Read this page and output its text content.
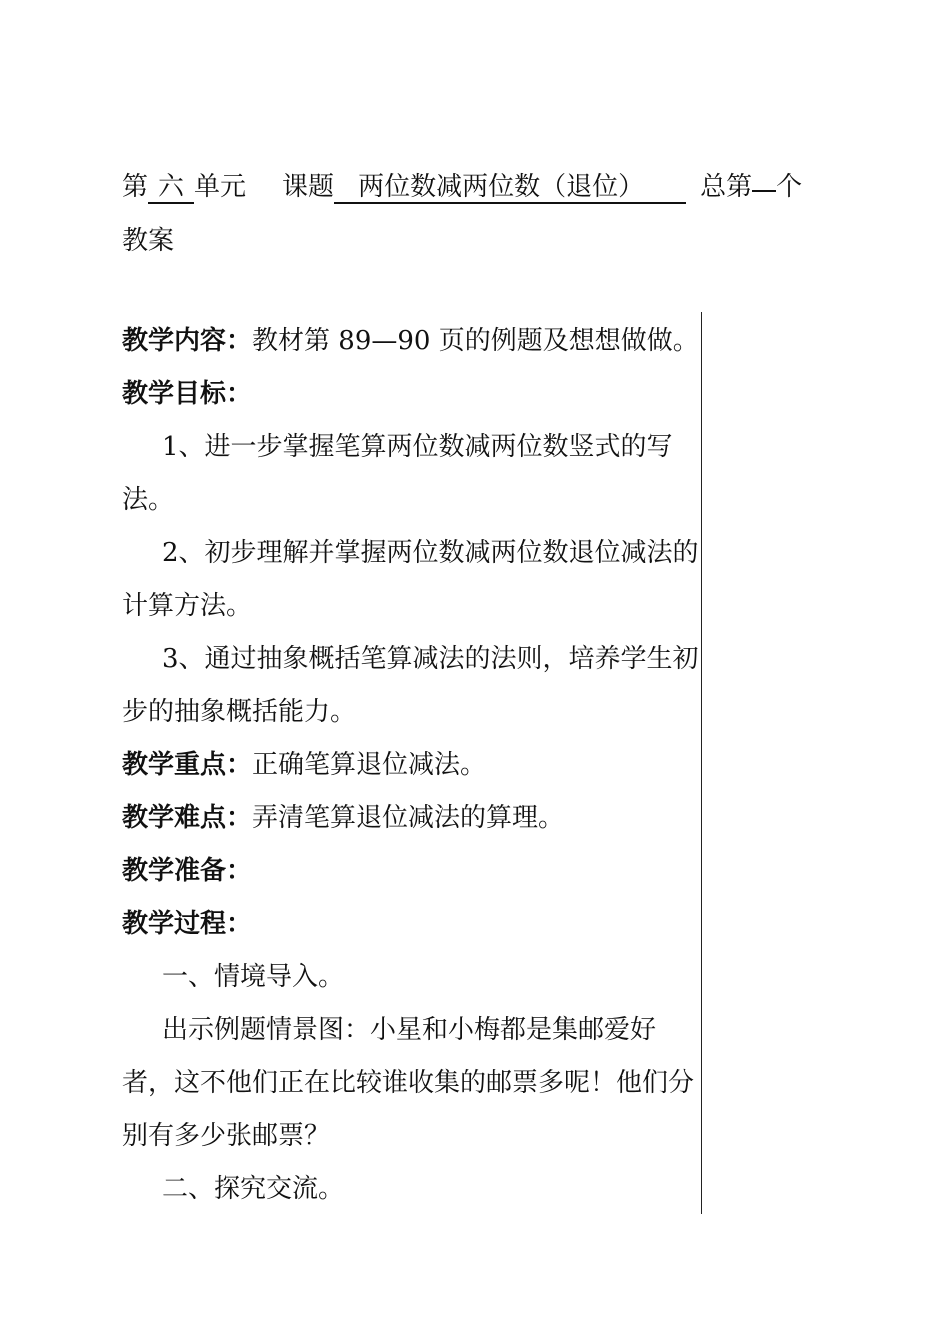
第 六 单元 课题 两位数减两位数（退位） 总第 个
教案

教学内容：教材第 89—90 页的例题及想想做做。

教学目标：

1、进一步掌握笔算两位数减两位数竖式的写法。

2、初步理解并掌握两位数减两位数退位减法的计算方法。

3、通过抽象概括笔算减法的法则，培养学生初步的抽象概括能力。

教学重点：正确笔算退位减法。

教学难点：弄清笔算退位减法的算理。

教学准备：

教学过程：

一、情境导入。

出示例题情景图：小星和小梅都是集邮爱好者，这不他们正在比较谁收集的邮票多呢！他们分别有多少张邮票？

二、探究交流。
